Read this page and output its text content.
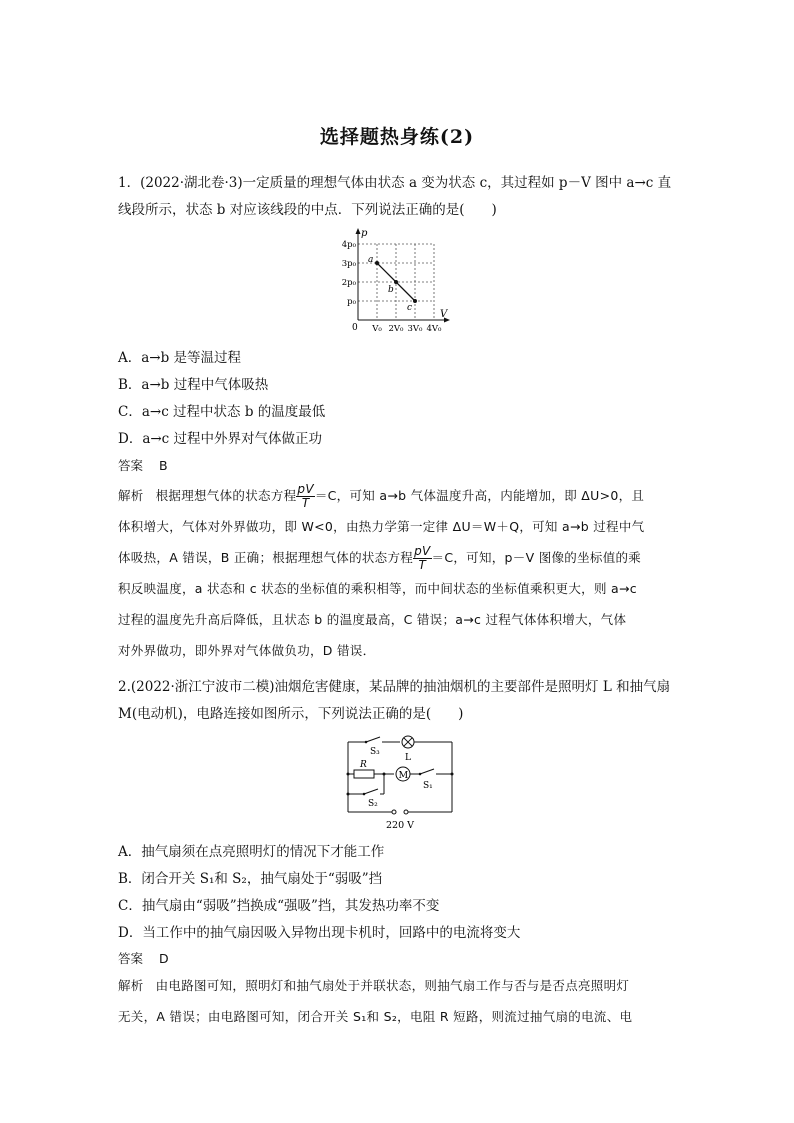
选择题热身练(2)
1．(2022·湖北卷·3)一定质量的理想气体由状态 a 变为状态 c，其过程如 p－V 图中 a→c 直
线段所示，状态 b 对应该线段的中点．下列说法正确的是(　　)
p
V
0
4p₀
3p₀
2p₀
p₀
V₀ 2V₀ 3V₀ 4V₀
a
b
c
A．a→b 是等温过程
B．a→b 过程中气体吸热
C．a→c 过程中状态 b 的温度最低
D．a→c 过程中外界对气体做正功
答案 B
解析 根据理想气体的状态方程 $\frac{pV}{T} =C$，可知 a→b 气体温度升高，内能增加，即 ΔU>0，且
体积增大，气体对外界做功，即 W<0，由热力学第一定律 ΔU＝W＋Q，可知 a→b 过程中气
体吸热，A 错误，B 正确；根据理想气体的状态方程 $\frac{pV}{T} =C$，可知，p－V 图像的坐标值的乘
积反映温度，a 状态和 c 状态的坐标值的乘积相等，而中间状态的坐标值乘积更大，则 a→c
过程的温度先升高后降低，且状态 b 的温度最高，C 错误；a→c 过程气体体积增大，气体
对外界做功，即外界对气体做负功，D 错误．
2.(2022·浙江宁波市二模)油烟危害健康，某品牌的抽油烟机的主要部件是照明灯 L 和抽气扇
M(电动机)，电路连接如图所示，下列说法正确的是(　　)
S₃
L
R
M
S₁
S₂
220 V
A．抽气扇须在点亮照明灯的情况下才能工作
B．闭合开关 S₁和 S₂，抽气扇处于“弱吸”挡
C．抽气扇由“弱吸”挡换成“强吸”挡，其发热功率不变
D．当工作中的抽气扇因吸入异物出现卡机时，回路中的电流将变大
答案 D
解析 由电路图可知，照明灯和抽气扇处于并联状态，则抽气扇工作与否与是否点亮照明灯
无关，A 错误；由电路图可知，闭合开关 S₁和 S₂，电阻 R 短路，则流过抽气扇的电流、电
